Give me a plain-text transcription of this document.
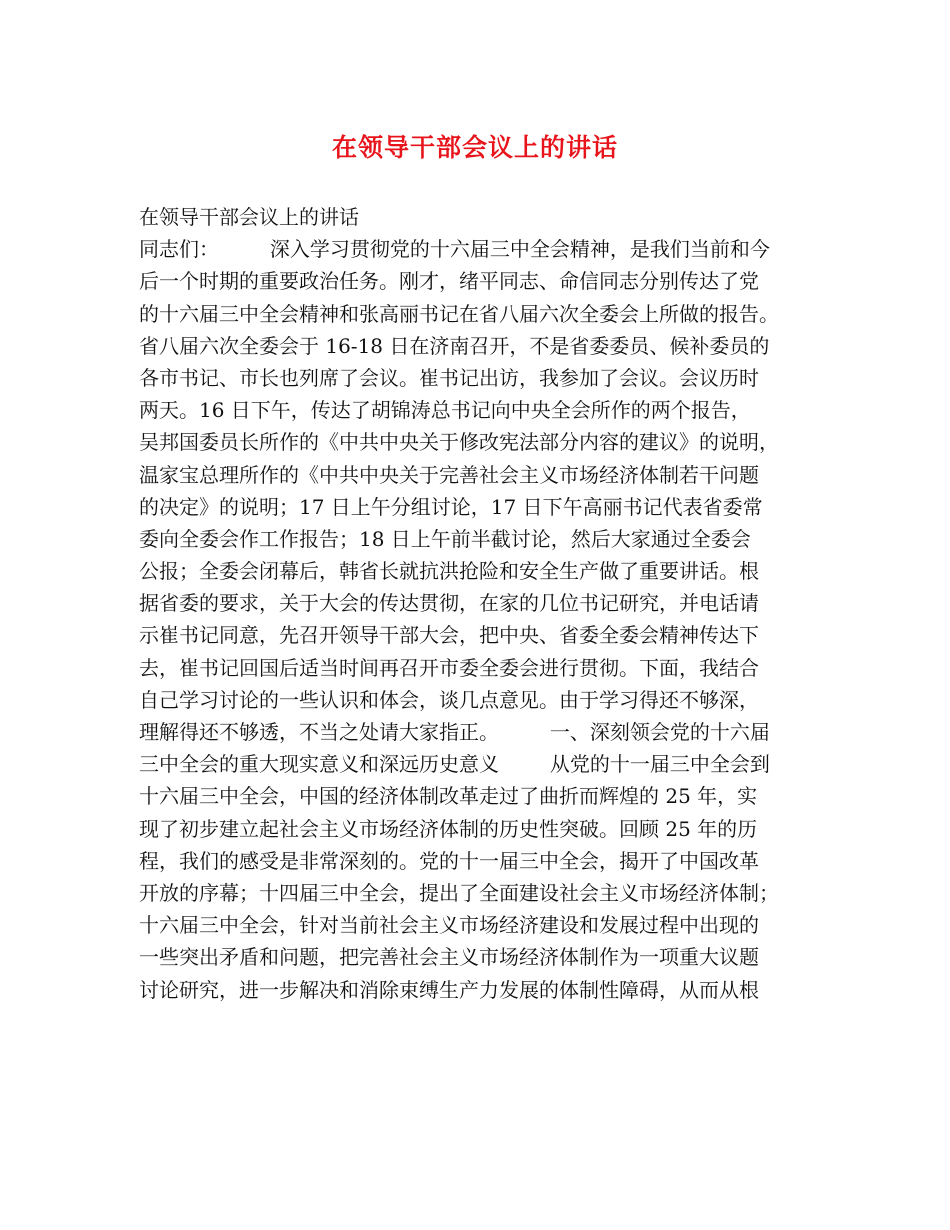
在领导干部会议上的讲话
在领导干部会议上的讲话
同志们：        深入学习贯彻党的十六届三中全会精神，是我们当前和今
后一个时期的重要政治任务。刚才，绪平同志、命信同志分别传达了党
的十六届三中全会精神和张高丽书记在省八届六次全委会上所做的报告。
省八届六次全委会于 16-18 日在济南召开，不是省委委员、候补委员的
各市书记、市长也列席了会议。崔书记出访，我参加了会议。会议历时
两天。16 日下午，传达了胡锦涛总书记向中央全会所作的两个报告，
吴邦国委员长所作的《中共中央关于修改宪法部分内容的建议》的说明，
温家宝总理所作的《中共中央关于完善社会主义市场经济体制若干问题
的决定》的说明；17 日上午分组讨论，17 日下午高丽书记代表省委常
委向全委会作工作报告；18 日上午前半截讨论，然后大家通过全委会
公报；全委会闭幕后，韩省长就抗洪抢险和安全生产做了重要讲话。根
据省委的要求，关于大会的传达贯彻，在家的几位书记研究，并电话请
示崔书记同意，先召开领导干部大会，把中央、省委全委会精神传达下
去，崔书记回国后适当时间再召开市委全委会进行贯彻。下面，我结合
自己学习讨论的一些认识和体会，谈几点意见。由于学习得还不够深，
理解得还不够透，不当之处请大家指正。        一、深刻领会党的十六届
三中全会的重大现实意义和深远历史意义        从党的十一届三中全会到
十六届三中全会，中国的经济体制改革走过了曲折而辉煌的 25 年，实
现了初步建立起社会主义市场经济体制的历史性突破。回顾 25 年的历
程，我们的感受是非常深刻的。党的十一届三中全会，揭开了中国改革
开放的序幕；十四届三中全会，提出了全面建设社会主义市场经济体制；
十六届三中全会，针对当前社会主义市场经济建设和发展过程中出现的
一些突出矛盾和问题，把完善社会主义市场经济体制作为一项重大议题
讨论研究，进一步解决和消除束缚生产力发展的体制性障碍，从而从根
